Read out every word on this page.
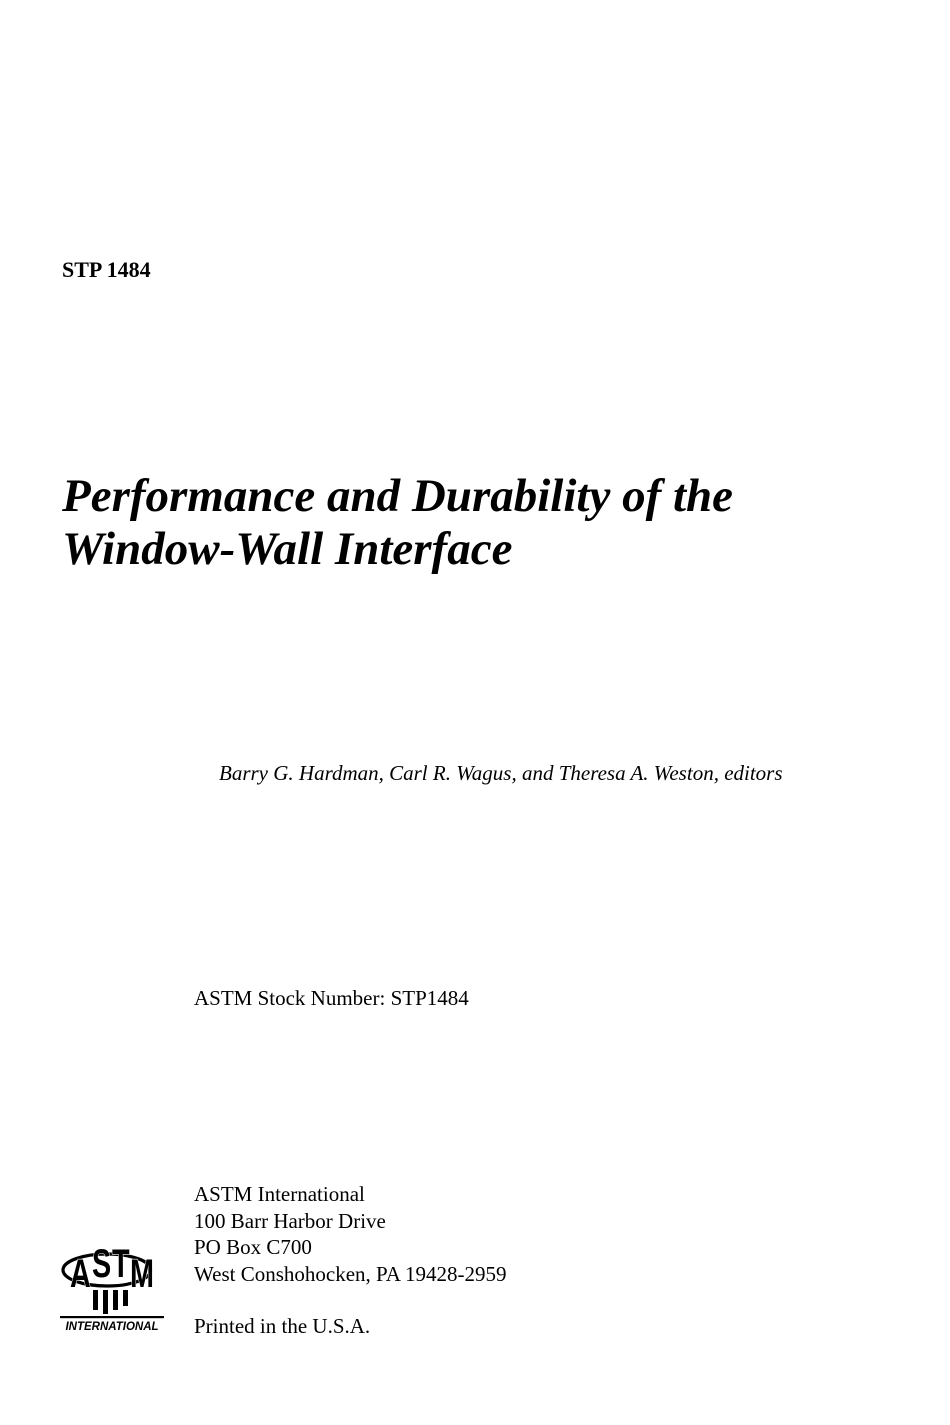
STP 1484

Performance and Durability of the
Window-Wall Interface

Barry G. Hardman, Carl R. Wagus, and Theresa A. Weston, editors

ASTM Stock Number: STP1484

ASTM International
100 Barr Harbor Drive
PO Box C700
West Conshohocken, PA 19428-2959

Printed in the U.S.A.

A S T M
INTERNATIONAL
